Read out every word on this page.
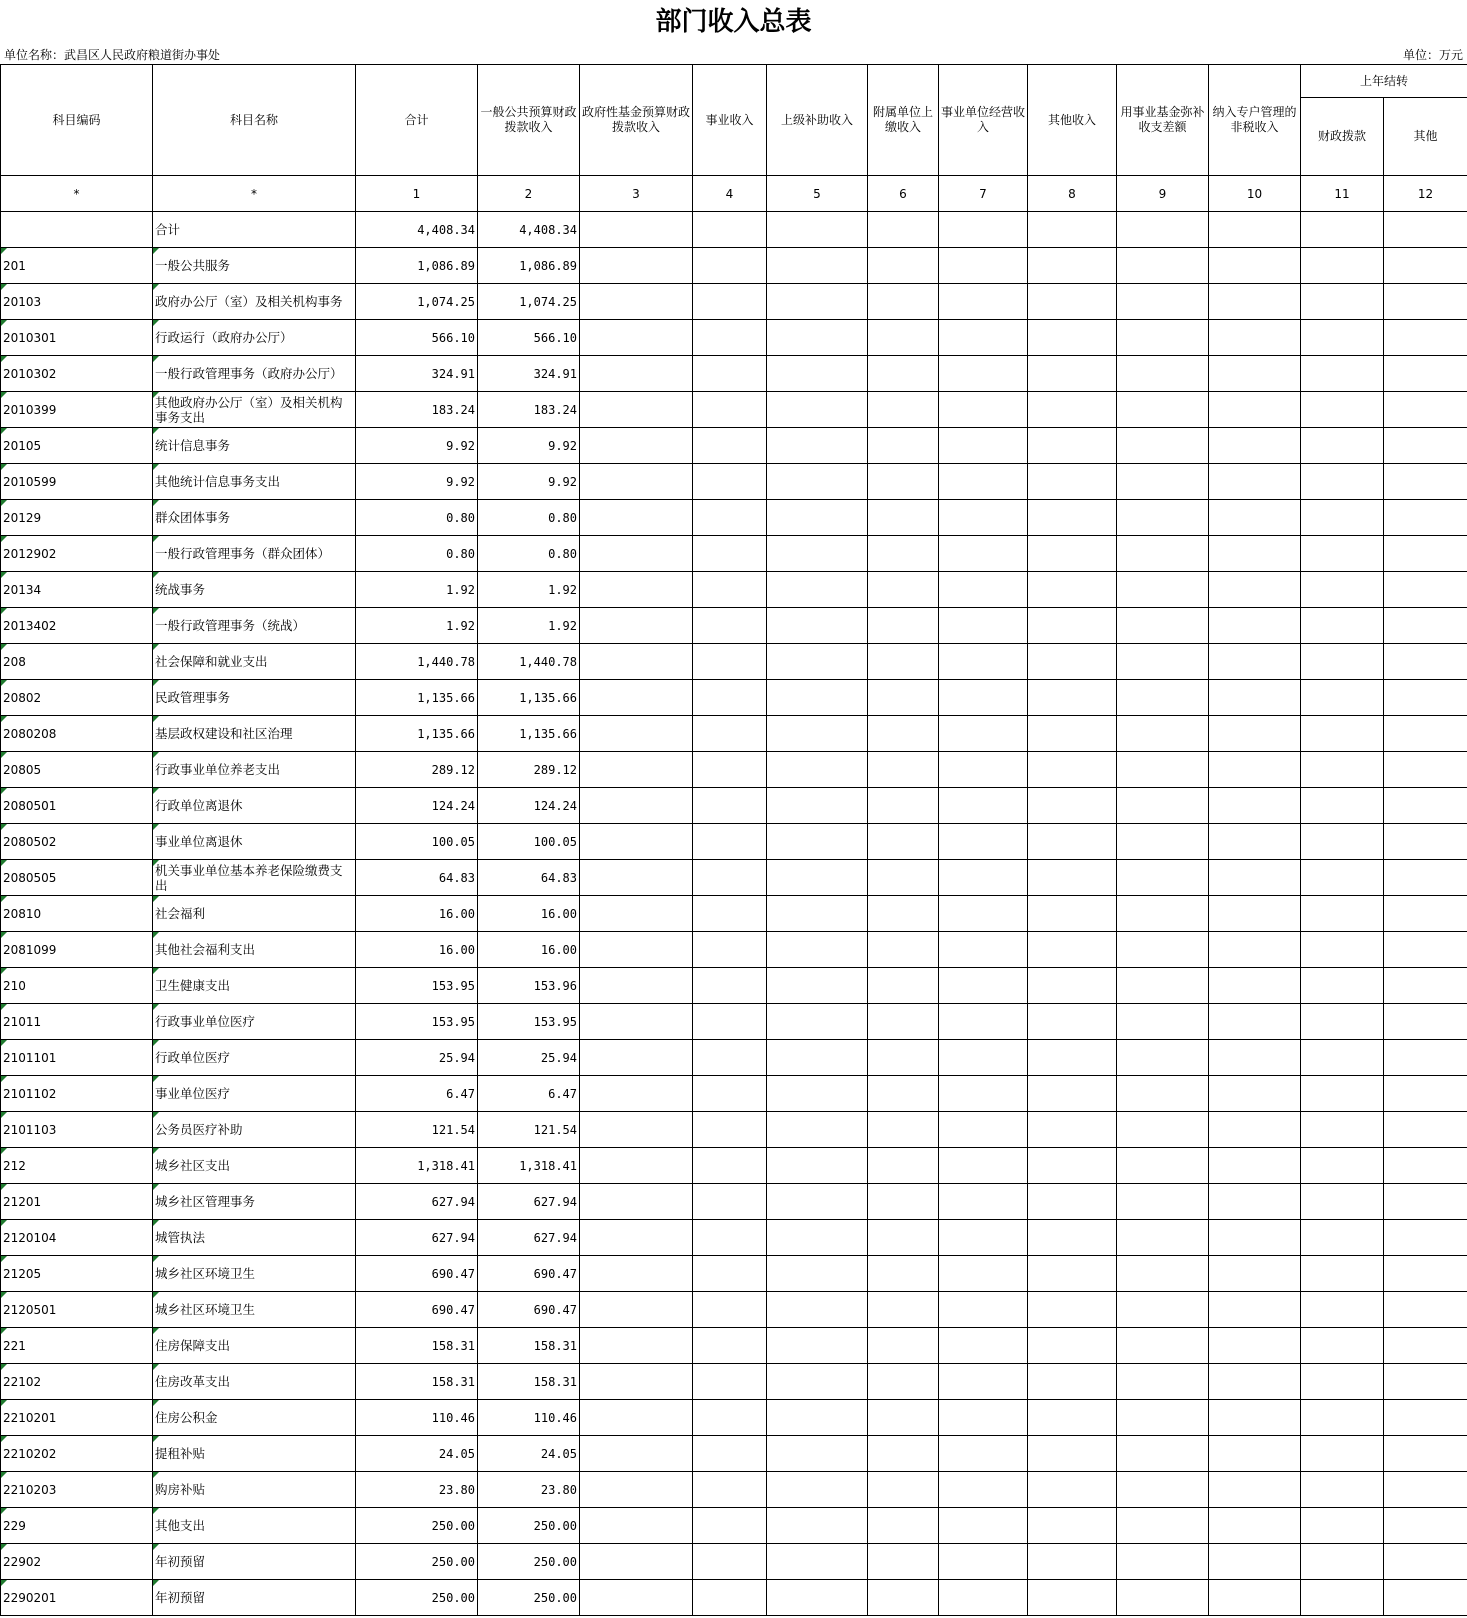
部门收入总表
单位名称：武昌区人民政府粮道街办事处	单位：万元
科目编码	科目名称	合计	一般公共预算财政拨款收入	政府性基金预算财政拨款收入	事业收入	上级补助收入	附属单位上缴收入	事业单位经营收入	其他收入	用事业基金弥补收支差额	纳入专户管理的非税收入	上年结转	
												财政拨款	其他
*	*	1	2	3	4	5	6	7	8	9	10	11	12
	合计	4,408.34	4,408.34										

201	一般公共服务	1,086.89	1,086.89										

20103	政府办公厅（室）及相关机构事务	1,074.25	1,074.25										

2010301	行政运行（政府办公厅）	566.10	566.10										

2010302	一般行政管理事务（政府办公厅）	324.91	324.91										

2010399	其他政府办公厅（室）及相关机构事务支出	183.24	183.24										

20105	统计信息事务	9.92	9.92										

2010599	其他统计信息事务支出	9.92	9.92										

20129	群众团体事务	0.80	0.80										

2012902	一般行政管理事务（群众团体）	0.80	0.80										

20134	统战事务	1.92	1.92										

2013402	一般行政管理事务（统战）	1.92	1.92										

208	社会保障和就业支出	1,440.78	1,440.78										

20802	民政管理事务	1,135.66	1,135.66										

2080208	基层政权建设和社区治理	1,135.66	1,135.66										

20805	行政事业单位养老支出	289.12	289.12										

2080501	行政单位离退休	124.24	124.24										

2080502	事业单位离退休	100.05	100.05										

2080505	机关事业单位基本养老保险缴费支出	64.83	64.83										

20810	社会福利	16.00	16.00										

2081099	其他社会福利支出	16.00	16.00										

210	卫生健康支出	153.95	153.96										

21011	行政事业单位医疗	153.95	153.95										

2101101	行政单位医疗	25.94	25.94										

2101102	事业单位医疗	6.47	6.47										

2101103	公务员医疗补助	121.54	121.54										

212	城乡社区支出	1,318.41	1,318.41										

21201	城乡社区管理事务	627.94	627.94										

2120104	城管执法	627.94	627.94										

21205	城乡社区环境卫生	690.47	690.47										

2120501	城乡社区环境卫生	690.47	690.47										

221	住房保障支出	158.31	158.31										

22102	住房改革支出	158.31	158.31										

2210201	住房公积金	110.46	110.46										

2210202	提租补贴	24.05	24.05										

2210203	购房补贴	23.80	23.80										

229	其他支出	250.00	250.00										

22902	年初预留	250.00	250.00										

2290201	年初预留	250.00	250.00										
